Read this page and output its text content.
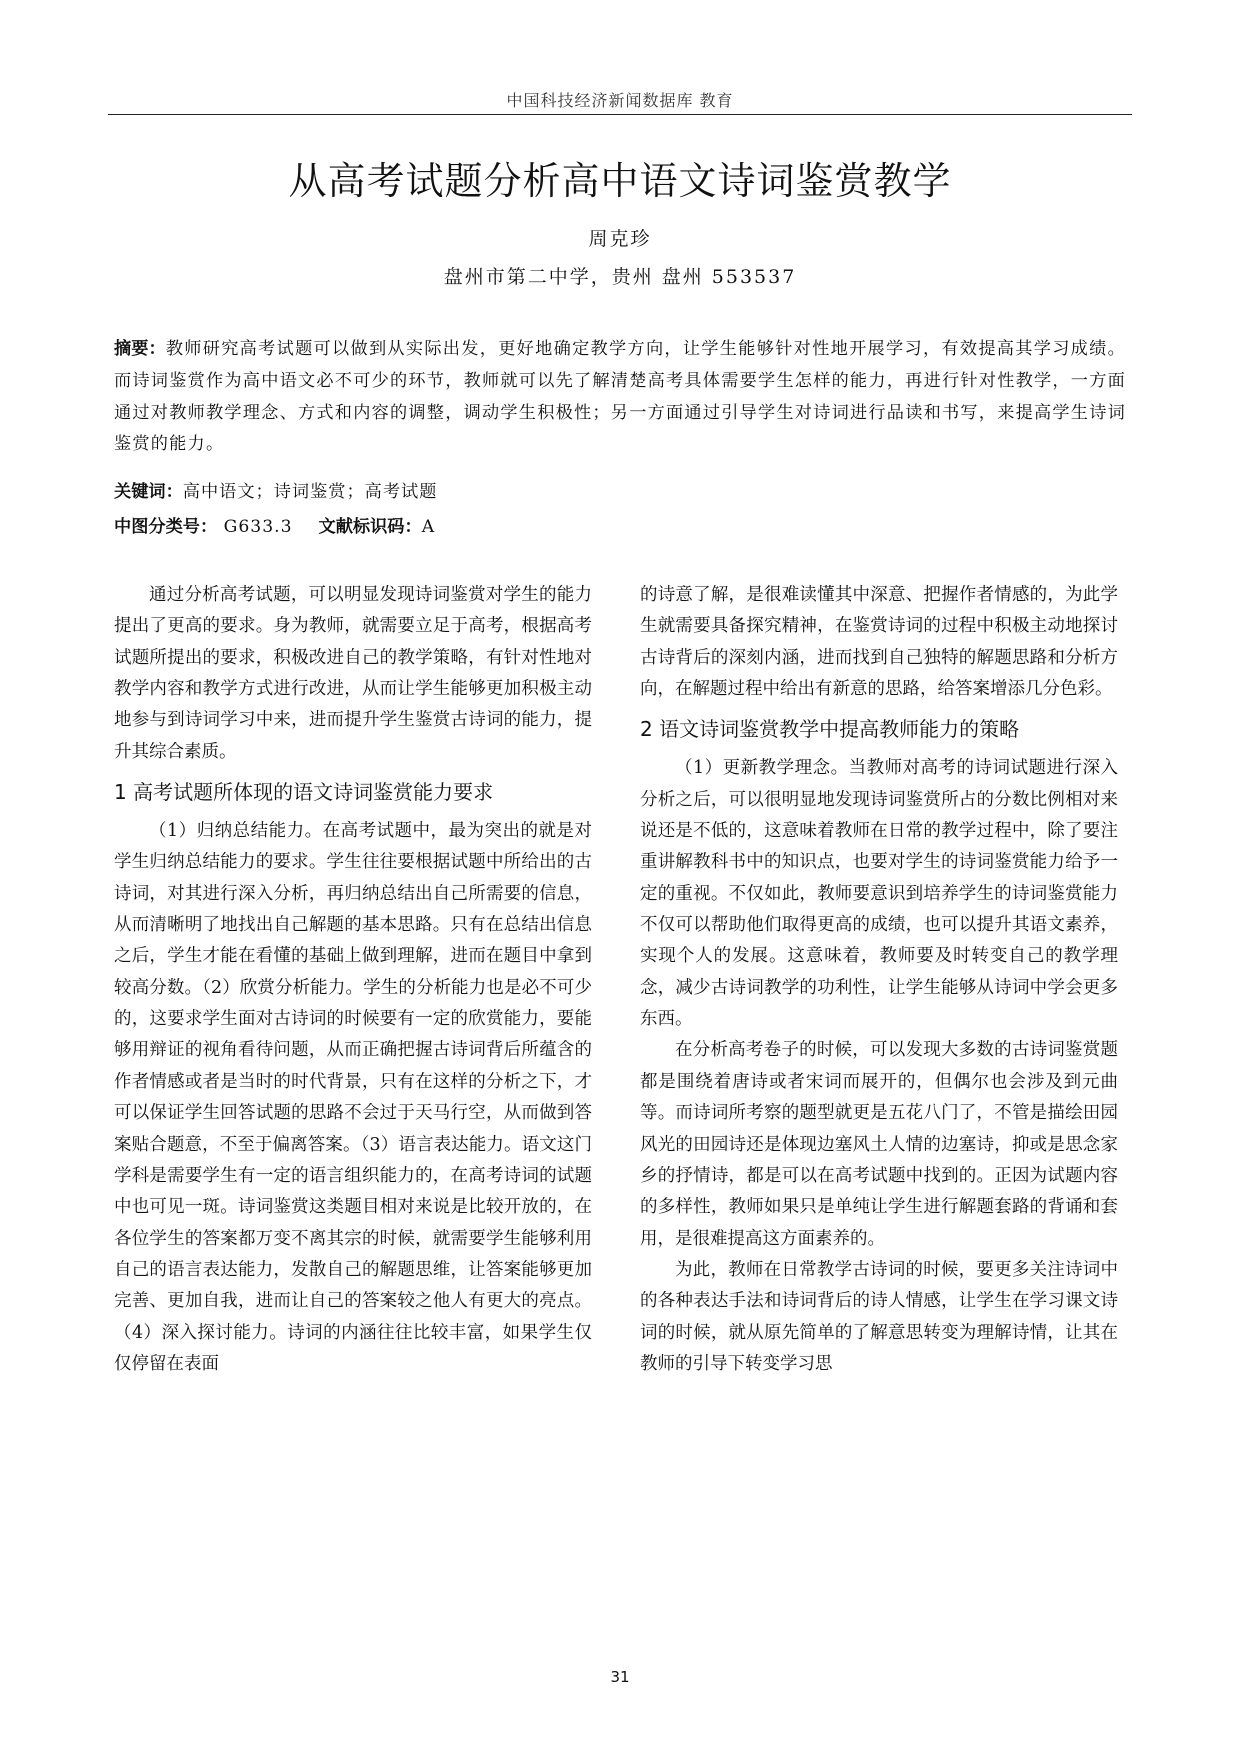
中国科技经济新闻数据库 教育
从高考试题分析高中语文诗词鉴赏教学
周克珍
盘州市第二中学，贵州 盘州 553537
摘要：教师研究高考试题可以做到从实际出发，更好地确定教学方向，让学生能够针对性地开展学习，有效提高其学习成绩。而诗词鉴赏作为高中语文必不可少的环节，教师就可以先了解清楚高考具体需要学生怎样的能力，再进行针对性教学，一方面通过对教师教学理念、方式和内容的调整，调动学生积极性；另一方面通过引导学生对诗词进行品读和书写，来提高学生诗词鉴赏的能力。
关键词：高中语文；诗词鉴赏；高考试题
中图分类号： G633.3 文献标识码：A

通过分析高考试题，可以明显发现诗词鉴赏对学生的能力提出了更高的要求。身为教师，就需要立足于高考，根据高考试题所提出的要求，积极改进自己的教学策略，有针对性地对教学内容和教学方式进行改进，从而让学生能够更加积极主动地参与到诗词学习中来，进而提升学生鉴赏古诗词的能力，提升其综合素质。

1 高考试题所体现的语文诗词鉴赏能力要求

（1）归纳总结能力。在高考试题中，最为突出的就是对学生归纳总结能力的要求。学生往往要根据试题中所给出的古诗词，对其进行深入分析，再归纳总结出自己所需要的信息，从而清晰明了地找出自己解题的基本思路。只有在总结出信息之后，学生才能在看懂的基础上做到理解，进而在题目中拿到较高分数。（2）欣赏分析能力。学生的分析能力也是必不可少的，这要求学生面对古诗词的时候要有一定的欣赏能力，要能够用辩证的视角看待问题，从而正确把握古诗词背后所蕴含的作者情感或者是当时的时代背景，只有在这样的分析之下，才可以保证学生回答试题的思路不会过于天马行空，从而做到答案贴合题意，不至于偏离答案。（3）语言表达能力。语文这门学科是需要学生有一定的语言组织能力的，在高考诗词的试题中也可见一斑。诗词鉴赏这类题目相对来说是比较开放的，在各位学生的答案都万变不离其宗的时候，就需要学生能够利用自己的语言表达能力，发散自己的解题思维，让答案能够更加完善、更加自我，进而让自己的答案较之他人有更大的亮点。（4）深入探讨能力。诗词的内涵往往比较丰富，如果学生仅仅停留在表面

的诗意了解，是很难读懂其中深意、把握作者情感的，为此学生就需要具备探究精神，在鉴赏诗词的过程中积极主动地探讨古诗背后的深刻内涵，进而找到自己独特的解题思路和分析方向，在解题过程中给出有新意的思路，给答案增添几分色彩。

2 语文诗词鉴赏教学中提高教师能力的策略

（1）更新教学理念。当教师对高考的诗词试题进行深入分析之后，可以很明显地发现诗词鉴赏所占的分数比例相对来说还是不低的，这意味着教师在日常的教学过程中，除了要注重讲解教科书中的知识点，也要对学生的诗词鉴赏能力给予一定的重视。不仅如此，教师要意识到培养学生的诗词鉴赏能力不仅可以帮助他们取得更高的成绩，也可以提升其语文素养，实现个人的发展。这意味着，教师要及时转变自己的教学理念，减少古诗词教学的功利性，让学生能够从诗词中学会更多东西。

在分析高考卷子的时候，可以发现大多数的古诗词鉴赏题都是围绕着唐诗或者宋词而展开的，但偶尔也会涉及到元曲等。而诗词所考察的题型就更是五花八门了，不管是描绘田园风光的田园诗还是体现边塞风土人情的边塞诗，抑或是思念家乡的抒情诗，都是可以在高考试题中找到的。正因为试题内容的多样性，教师如果只是单纯让学生进行解题套路的背诵和套用，是很难提高这方面素养的。

为此，教师在日常教学古诗词的时候，要更多关注诗词中的各种表达手法和诗词背后的诗人情感，让学生在学习课文诗词的时候，就从原先简单的了解意思转变为理解诗情，让其在教师的引导下转变学习思

31
